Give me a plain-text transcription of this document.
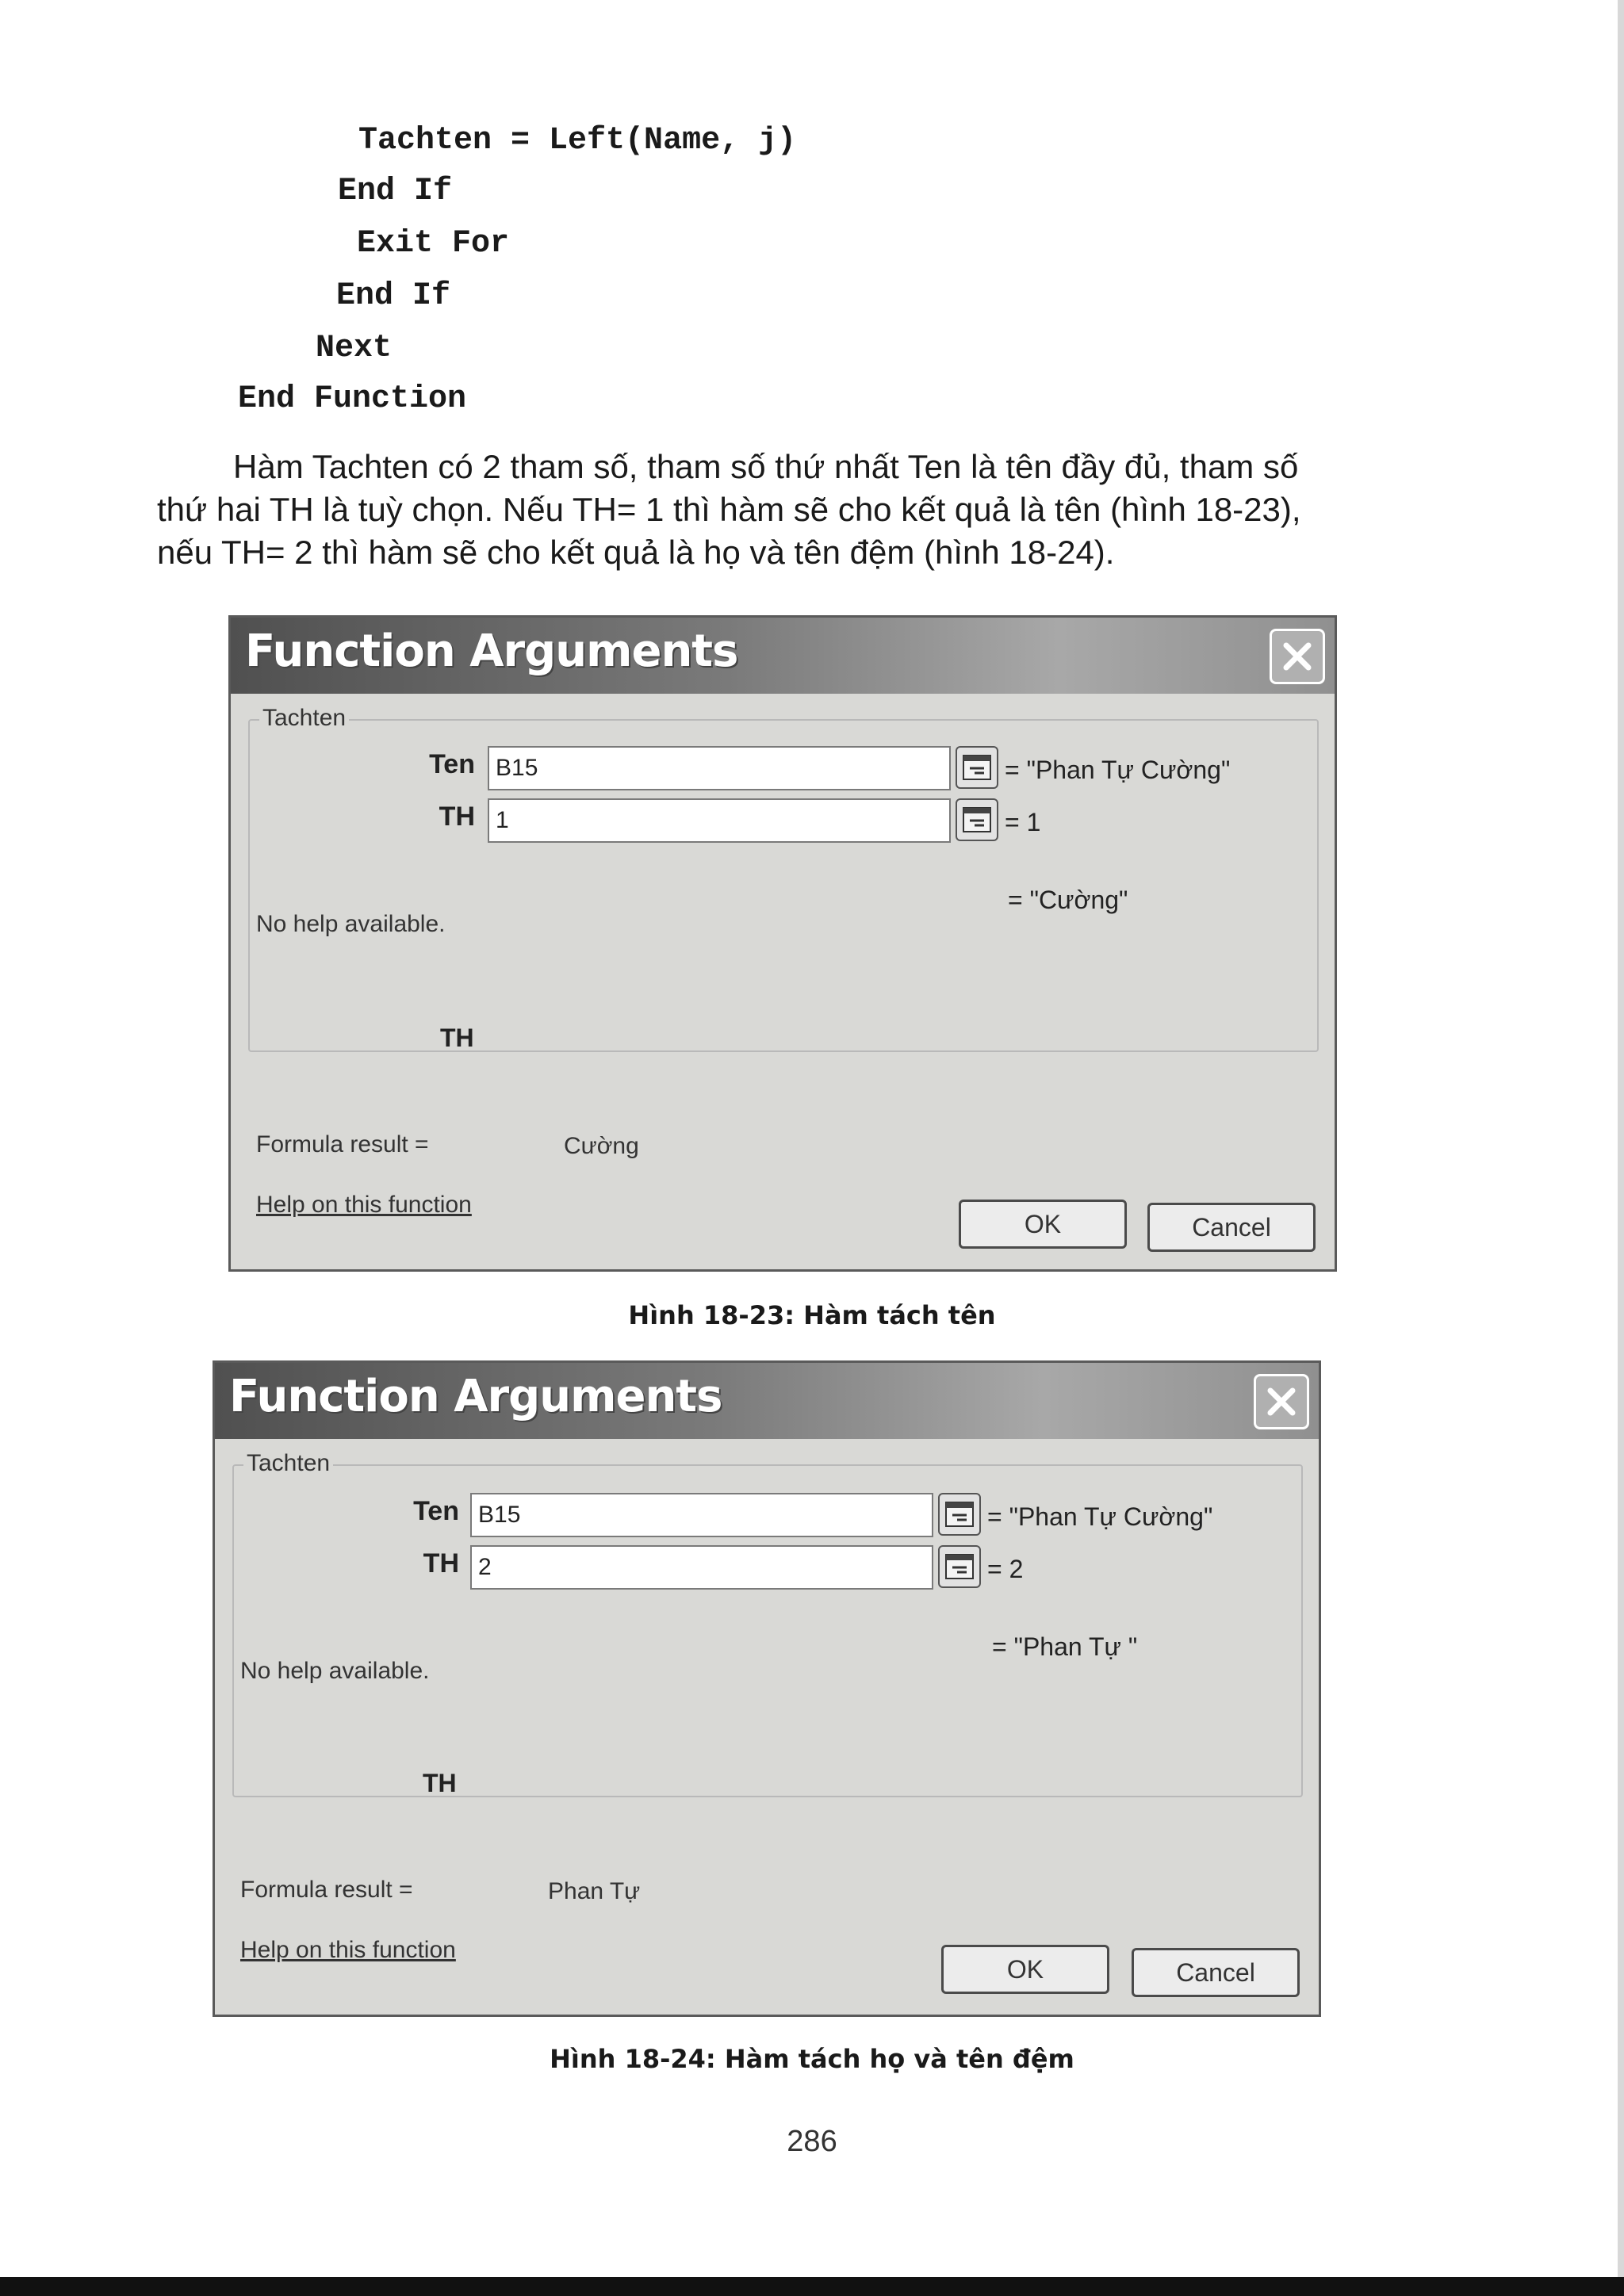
Tachten = Left(Name, j)
End If
Exit For
End If
Next
End Function
Hàm Tachten có 2 tham số, tham số thứ nhất Ten là tên đầy đủ, tham số
thứ hai TH là tuỳ chọn. Nếu TH= 1 thì hàm sẽ cho kết quả là tên (hình 18-23),
nếu TH= 2 thì hàm sẽ cho kết quả là họ và tên đệm (hình 18-24).
Function Arguments
Tachten
Ten B15	= "Phan Tự Cường"
TH 1	= 1
= "Cường"
No help available.
TH
Formula result =	Cường
Help on this function
OK	Cancel
Hình 18-23: Hàm tách tên
Function Arguments
Tachten
Ten B15	= "Phan Tự Cường"
TH 2	= 2
= "Phan Tự "
No help available.
TH
Formula result =	Phan Tự
Help on this function
OK	Cancel
Hình 18-24: Hàm tách họ và tên đệm
286
